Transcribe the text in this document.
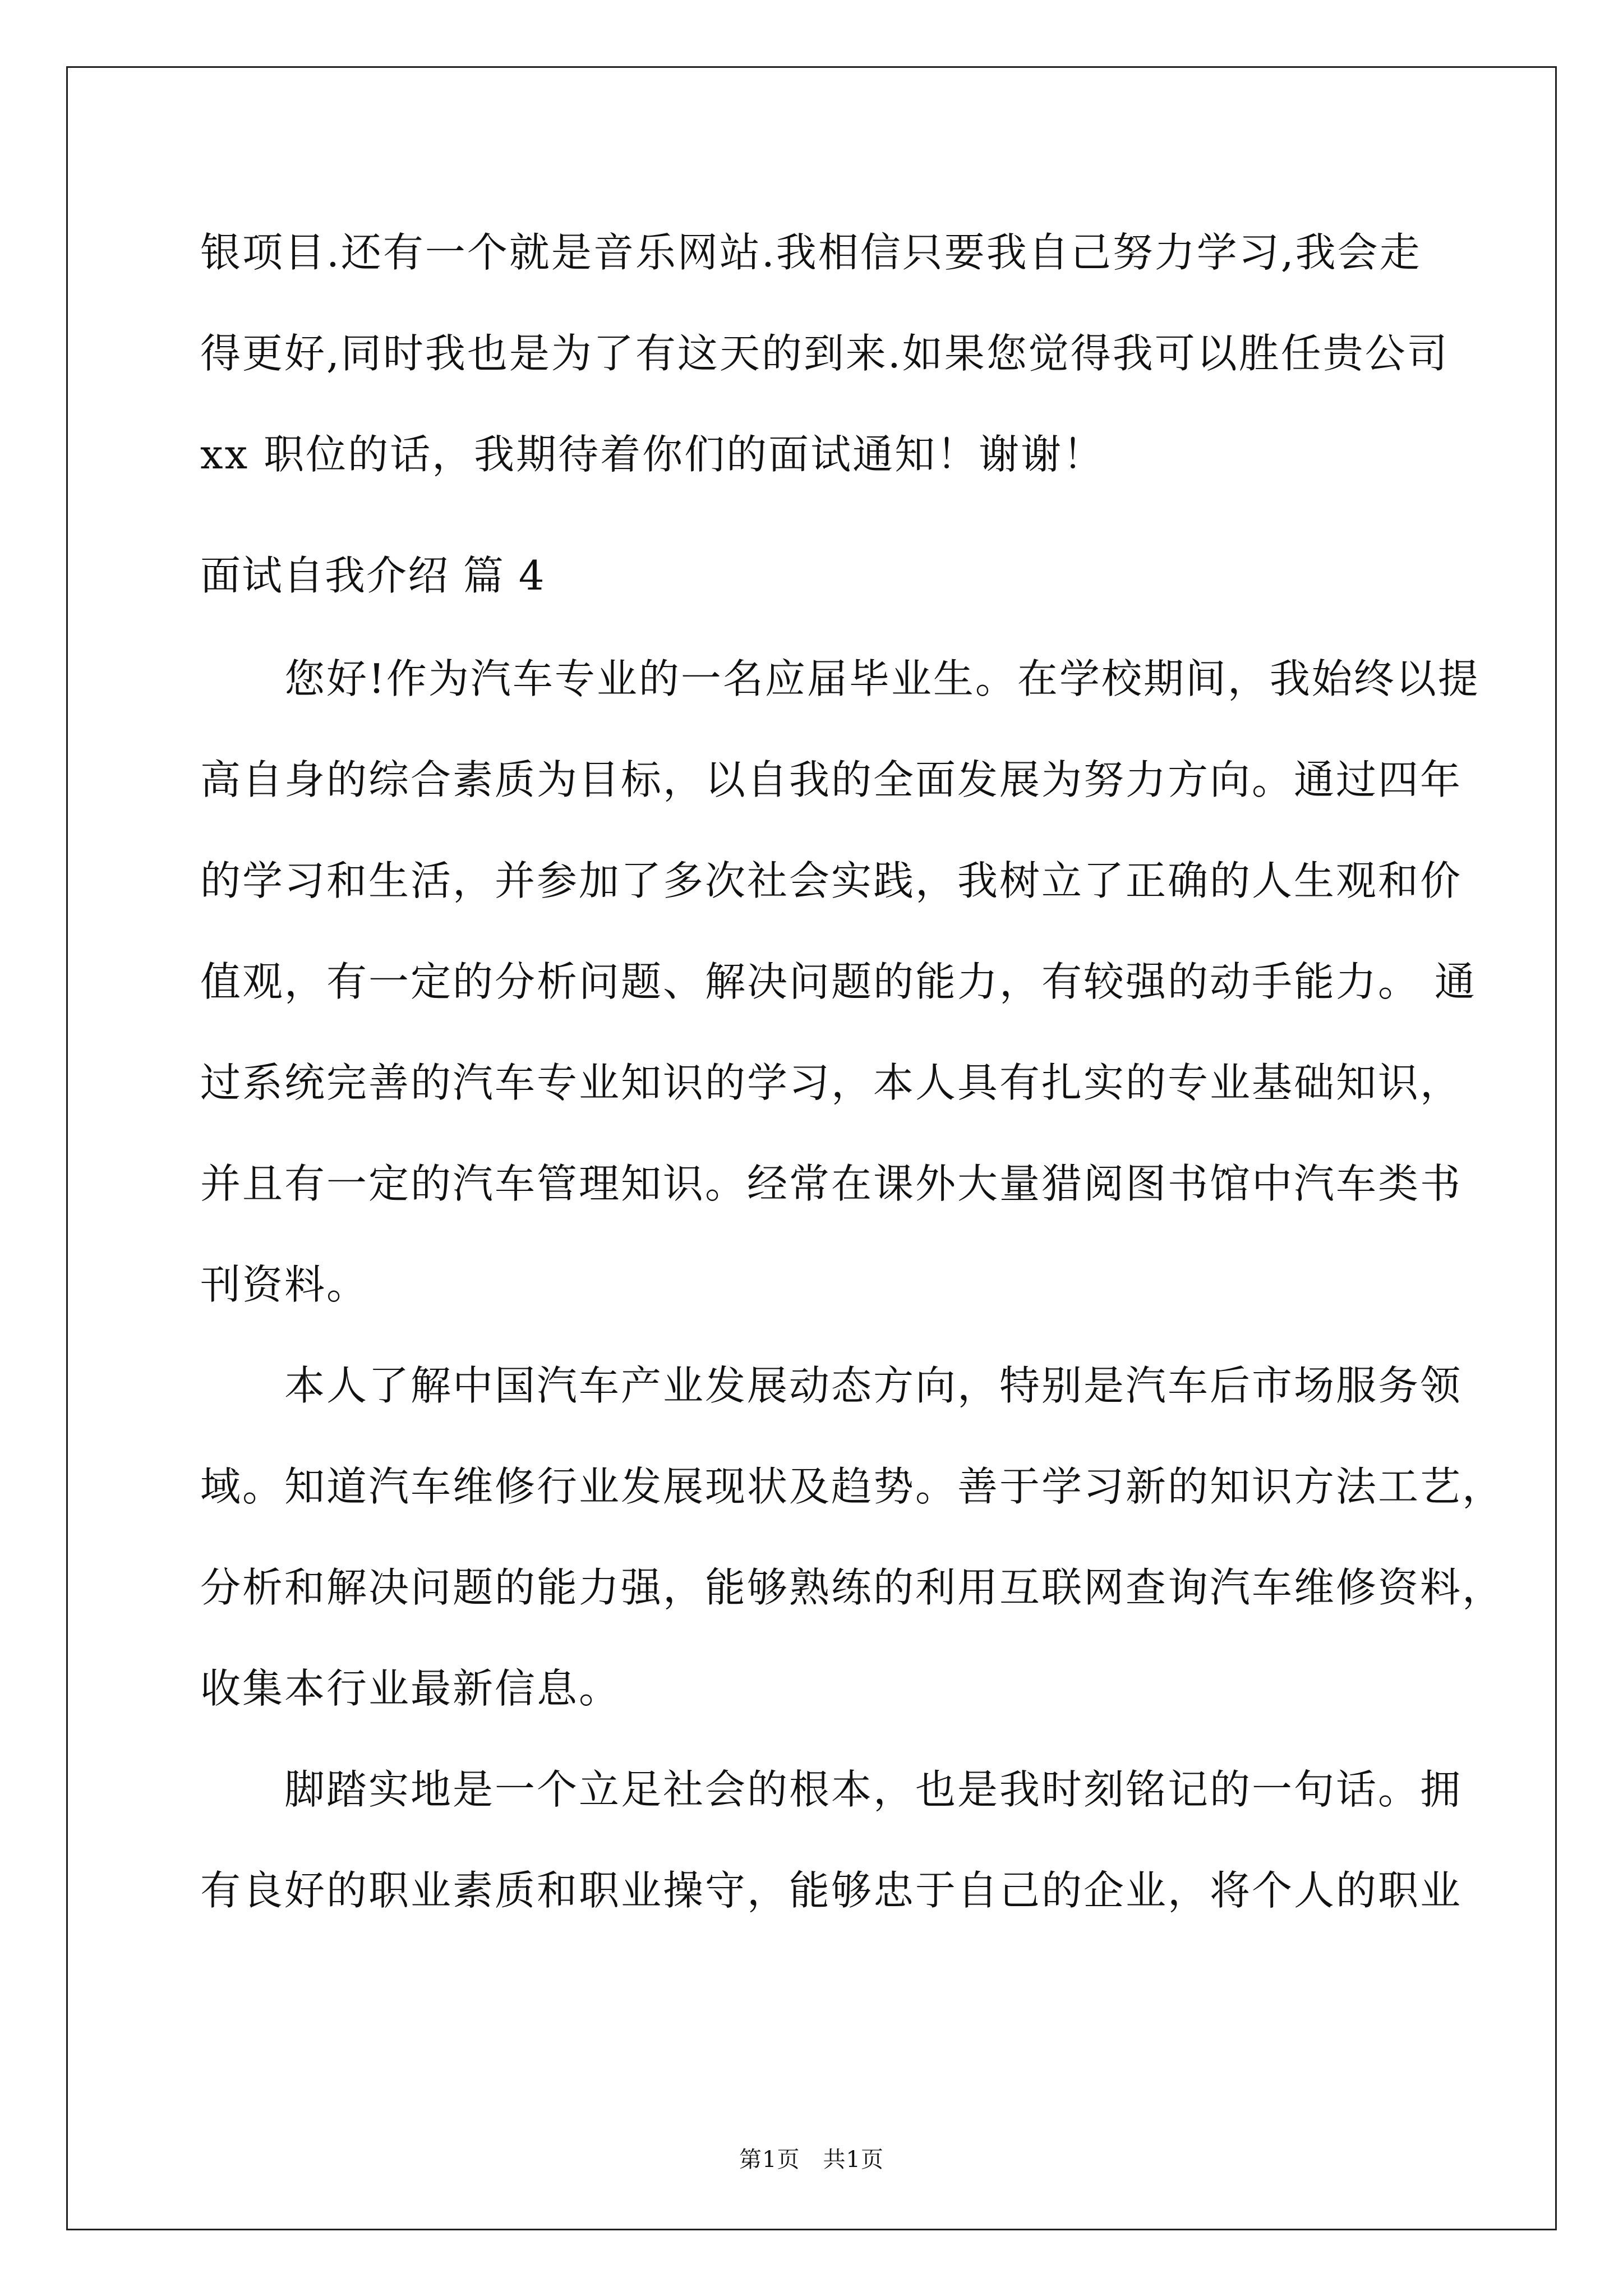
银项目.还有一个就是音乐网站.我相信只要我自己努力学习,我会走
得更好,同时我也是为了有这天的到来.如果您觉得我可以胜任贵公司
xx 职位的话，我期待着你们的面试通知！谢谢！
面试自我介绍 篇 4
　　您好!作为汽车专业的一名应届毕业生。在学校期间，我始终以提
高自身的综合素质为目标，以自我的全面发展为努力方向。通过四年
的学习和生活，并参加了多次社会实践，我树立了正确的人生观和价
值观，有一定的分析问题、解决问题的能力，有较强的动手能力。 通
过系统完善的汽车专业知识的学习，本人具有扎实的专业基础知识，
并且有一定的汽车管理知识。经常在课外大量猎阅图书馆中汽车类书
刊资料。
　　本人了解中国汽车产业发展动态方向，特别是汽车后市场服务领
域。知道汽车维修行业发展现状及趋势。善于学习新的知识方法工艺，
分析和解决问题的能力强，能够熟练的利用互联网查询汽车维修资料，
收集本行业最新信息。
　　脚踏实地是一个立足社会的根本，也是我时刻铭记的一句话。拥
有良好的职业素质和职业操守，能够忠于自己的企业，将个人的职业
第1页　共1页
